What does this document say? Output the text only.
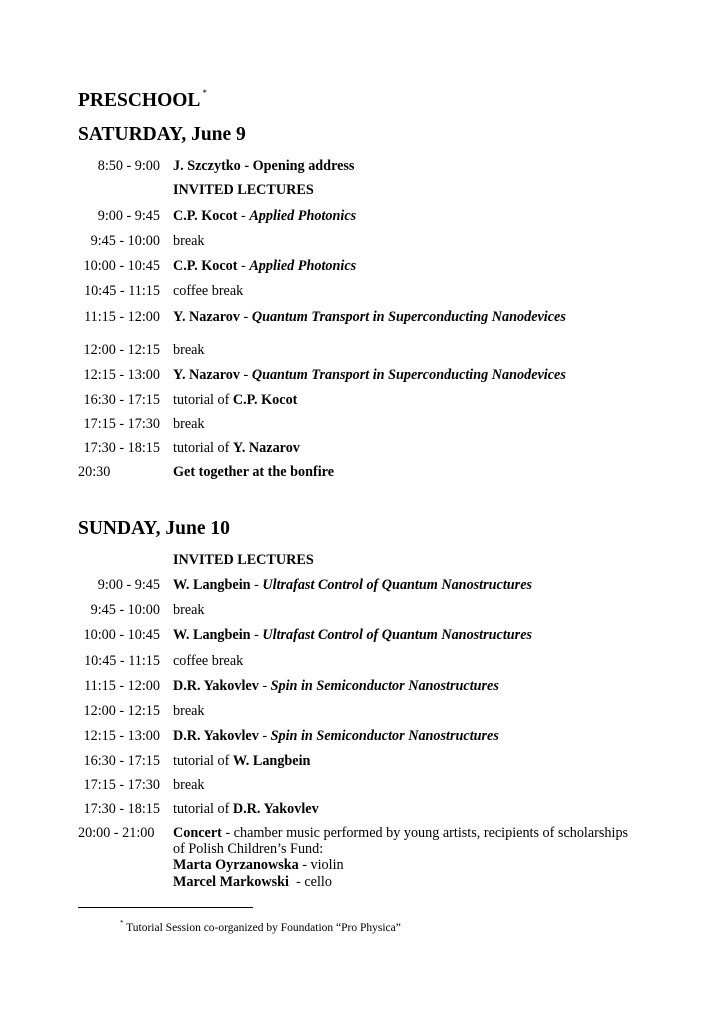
PRESCHOOL *
SATURDAY, June 9
8:50 - 9:00 J. Szczytko - Opening address
INVITED LECTURES
9:00 - 9:45 C.P. Kocot - Applied Photonics
9:45 - 10:00 break
10:00 - 10:45 C.P. Kocot - Applied Photonics
10:45 - 11:15 coffee break
11:15 - 12:00 Y. Nazarov - Quantum Transport in Superconducting Nanodevices
12:00 - 12:15 break
12:15 - 13:00 Y. Nazarov - Quantum Transport in Superconducting Nanodevices
16:30 - 17:15 tutorial of C.P. Kocot
17:15 - 17:30 break
17:30 - 18:15 tutorial of Y. Nazarov
20:30	Get together at the bonfire
SUNDAY, June 10
INVITED LECTURES
9:00 - 9:45 W. Langbein - Ultrafast Control of Quantum Nanostructures
9:45 - 10:00 break
10:00 - 10:45 W. Langbein - Ultrafast Control of Quantum Nanostructures
10:45 - 11:15 coffee break
11:15 - 12:00 D.R. Yakovlev - Spin in Semiconductor Nanostructures
12:00 - 12:15 break
12:15 - 13:00 D.R. Yakovlev - Spin in Semiconductor Nanostructures
16:30 - 17:15 tutorial of W. Langbein
17:15 - 17:30 break
17:30 - 18:15 tutorial of D.R. Yakovlev
20:00 - 21:00	Concert - chamber music performed by young artists, recipients of scholarships
of Polish Children’s Fund:
Marta Oyrzanowska - violin
Marcel Markowski  - cello
* Tutorial Session co-organized by Foundation “Pro Physica”
